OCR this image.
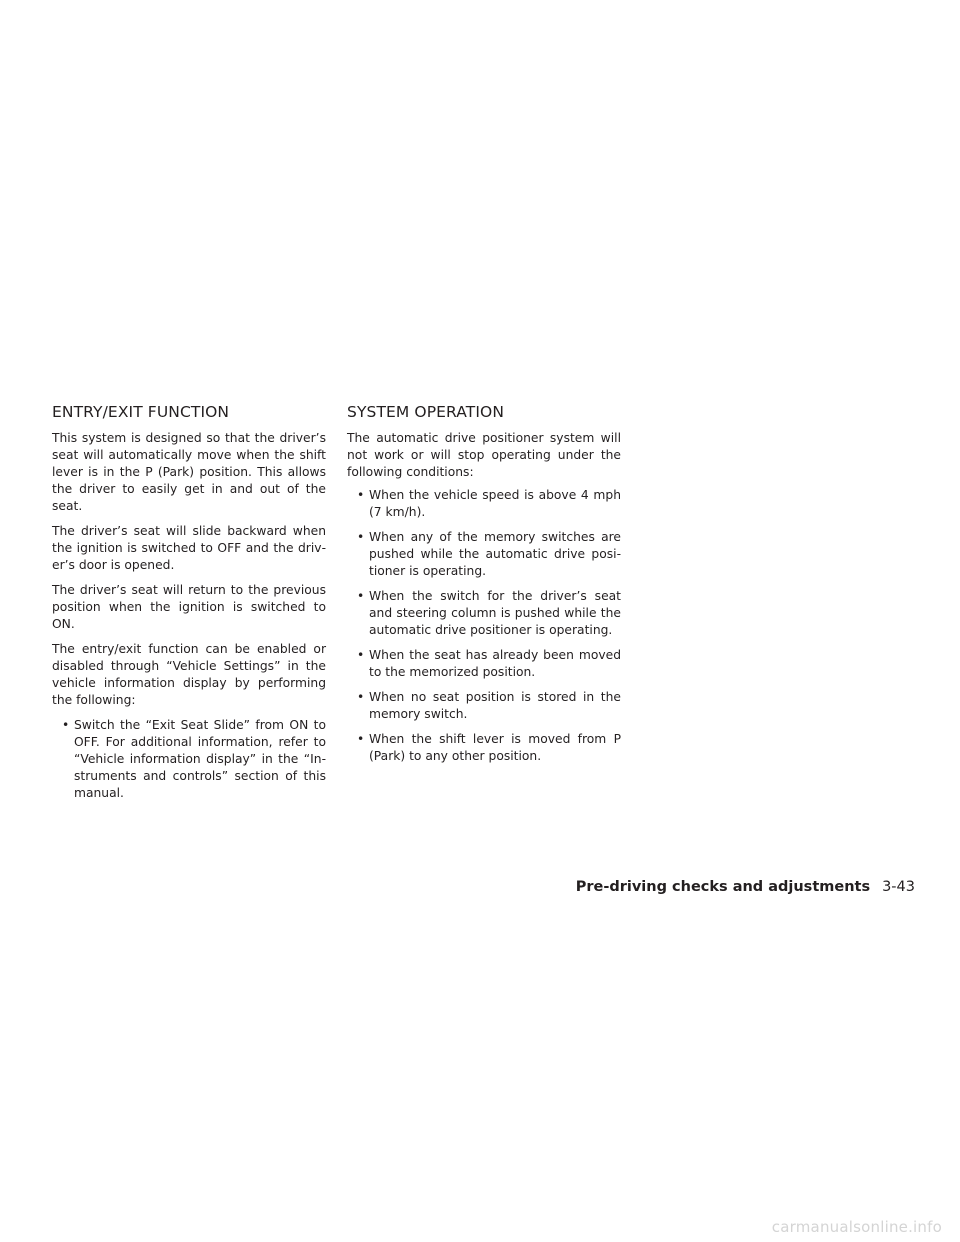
ENTRY/EXIT FUNCTION

This system is designed so that the driver’s seat will automatically move when the shift lever is in the P (Park) position. This allows the driver to easily get in and out of the seat.

The driver’s seat will slide backward when the ignition is switched to OFF and the driver’s door is opened.

The driver’s seat will return to the previous position when the ignition is switched to ON.

The entry/exit function can be enabled or disabled through “Vehicle Settings” in the vehicle information display by performing the following:

• Switch the “Exit Seat Slide” from ON to OFF. For additional information, refer to “Vehicle information display” in the “Instruments and controls” section of this manual.
SYSTEM OPERATION

The automatic drive positioner system will not work or will stop operating under the following conditions:

• When the vehicle speed is above 4 mph (7 km/h).
• When any of the memory switches are pushed while the automatic drive positioner is operating.
• When the switch for the driver’s seat and steering column is pushed while the automatic drive positioner is operating.
• When the seat has already been moved to the memorized position.
• When no seat position is stored in the memory switch.
• When the shift lever is moved from P (Park) to any other position.
Pre-driving checks and adjustments 3-43
carmanualsonline.info
